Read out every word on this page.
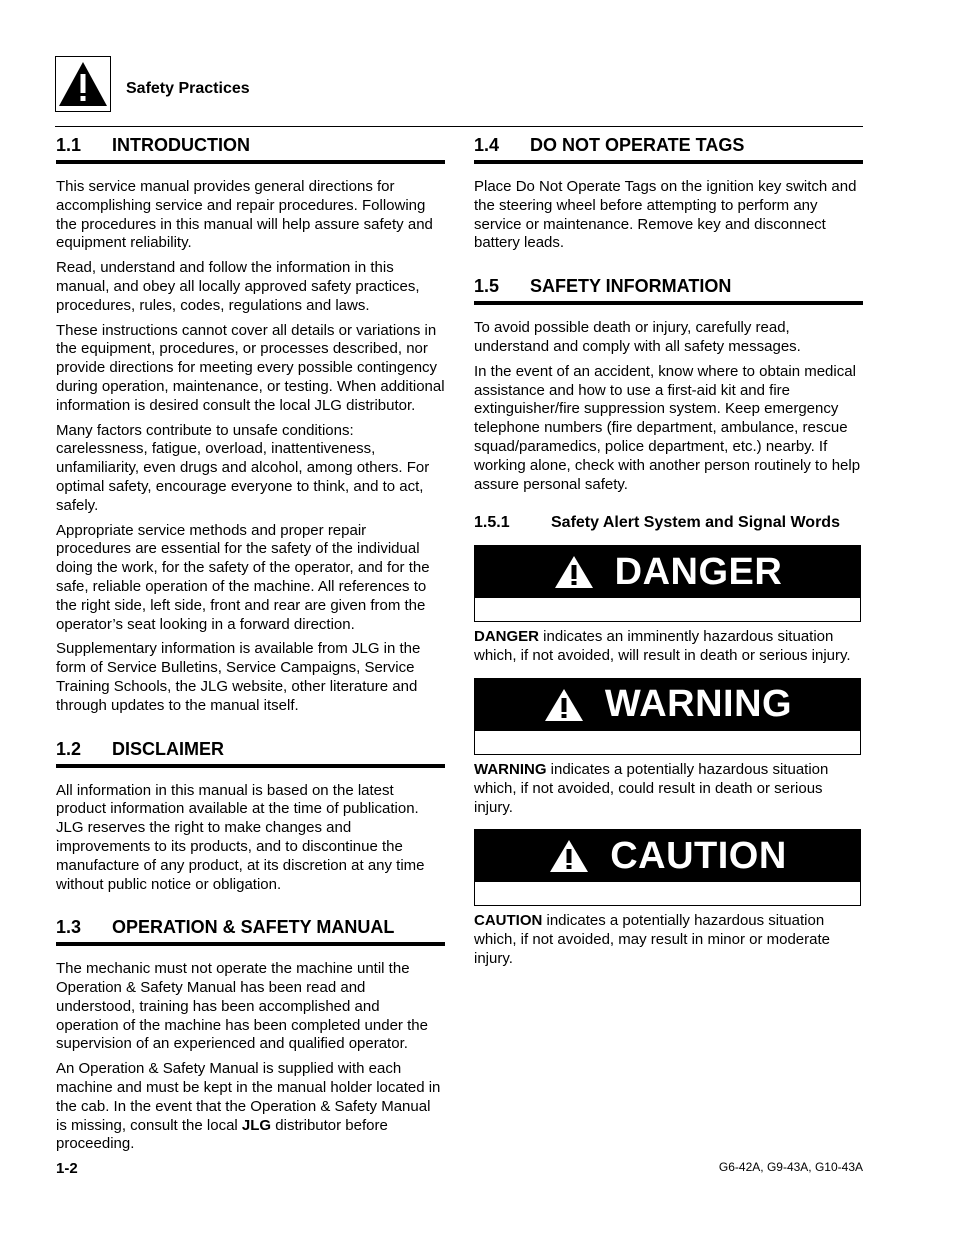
Safety Practices
1.1 INTRODUCTION

This service manual provides general directions for accomplishing service and repair procedures. Following the procedures in this manual will help assure safety and equipment reliability.

Read, understand and follow the information in this manual, and obey all locally approved safety practices, procedures, rules, codes, regulations and laws.

These instructions cannot cover all details or variations in the equipment, procedures, or processes described, nor provide directions for meeting every possible contingency during operation, maintenance, or testing. When additional information is desired consult the local JLG distributor.

Many factors contribute to unsafe conditions: carelessness, fatigue, overload, inattentiveness, unfamiliarity, even drugs and alcohol, among others. For optimal safety, encourage everyone to think, and to act, safely.

Appropriate service methods and proper repair procedures are essential for the safety of the individual doing the work, for the safety of the operator, and for the safe, reliable operation of the machine. All references to the right side, left side, front and rear are given from the operator’s seat looking in a forward direction.

Supplementary information is available from JLG in the form of Service Bulletins, Service Campaigns, Service Training Schools, the JLG website, other literature and through updates to the manual itself.

1.2 DISCLAIMER

All information in this manual is based on the latest product information available at the time of publication. JLG reserves the right to make changes and improvements to its products, and to discontinue the manufacture of any product, at its discretion at any time without public notice or obligation.

1.3 OPERATION & SAFETY MANUAL

The mechanic must not operate the machine until the Operation & Safety Manual has been read and understood, training has been accomplished and operation of the machine has been completed under the supervision of an experienced and qualified operator.

An Operation & Safety Manual is supplied with each machine and must be kept in the manual holder located in the cab. In the event that the Operation & Safety Manual is missing, consult the local JLG distributor before proceeding.

1.4 DO NOT OPERATE TAGS

Place Do Not Operate Tags on the ignition key switch and the steering wheel before attempting to perform any service or maintenance. Remove key and disconnect battery leads.

1.5 SAFETY INFORMATION

To avoid possible death or injury, carefully read, understand and comply with all safety messages.

In the event of an accident, know where to obtain medical assistance and how to use a first-aid kit and fire extinguisher/fire suppression system. Keep emergency telephone numbers (fire department, ambulance, rescue squad/paramedics, police department, etc.) nearby. If working alone, check with another person routinely to help assure personal safety.

1.5.1	Safety Alert System and Signal Words
DANGER

DANGER indicates an imminently hazardous situation which, if not avoided, will result in death or serious injury.

WARNING

WARNING indicates a potentially hazardous situation which, if not avoided, could result in death or serious injury.

CAUTION

CAUTION indicates a potentially hazardous situation which, if not avoided, may result in minor or moderate injury.

1-2	G6-42A, G9-43A, G10-43A
